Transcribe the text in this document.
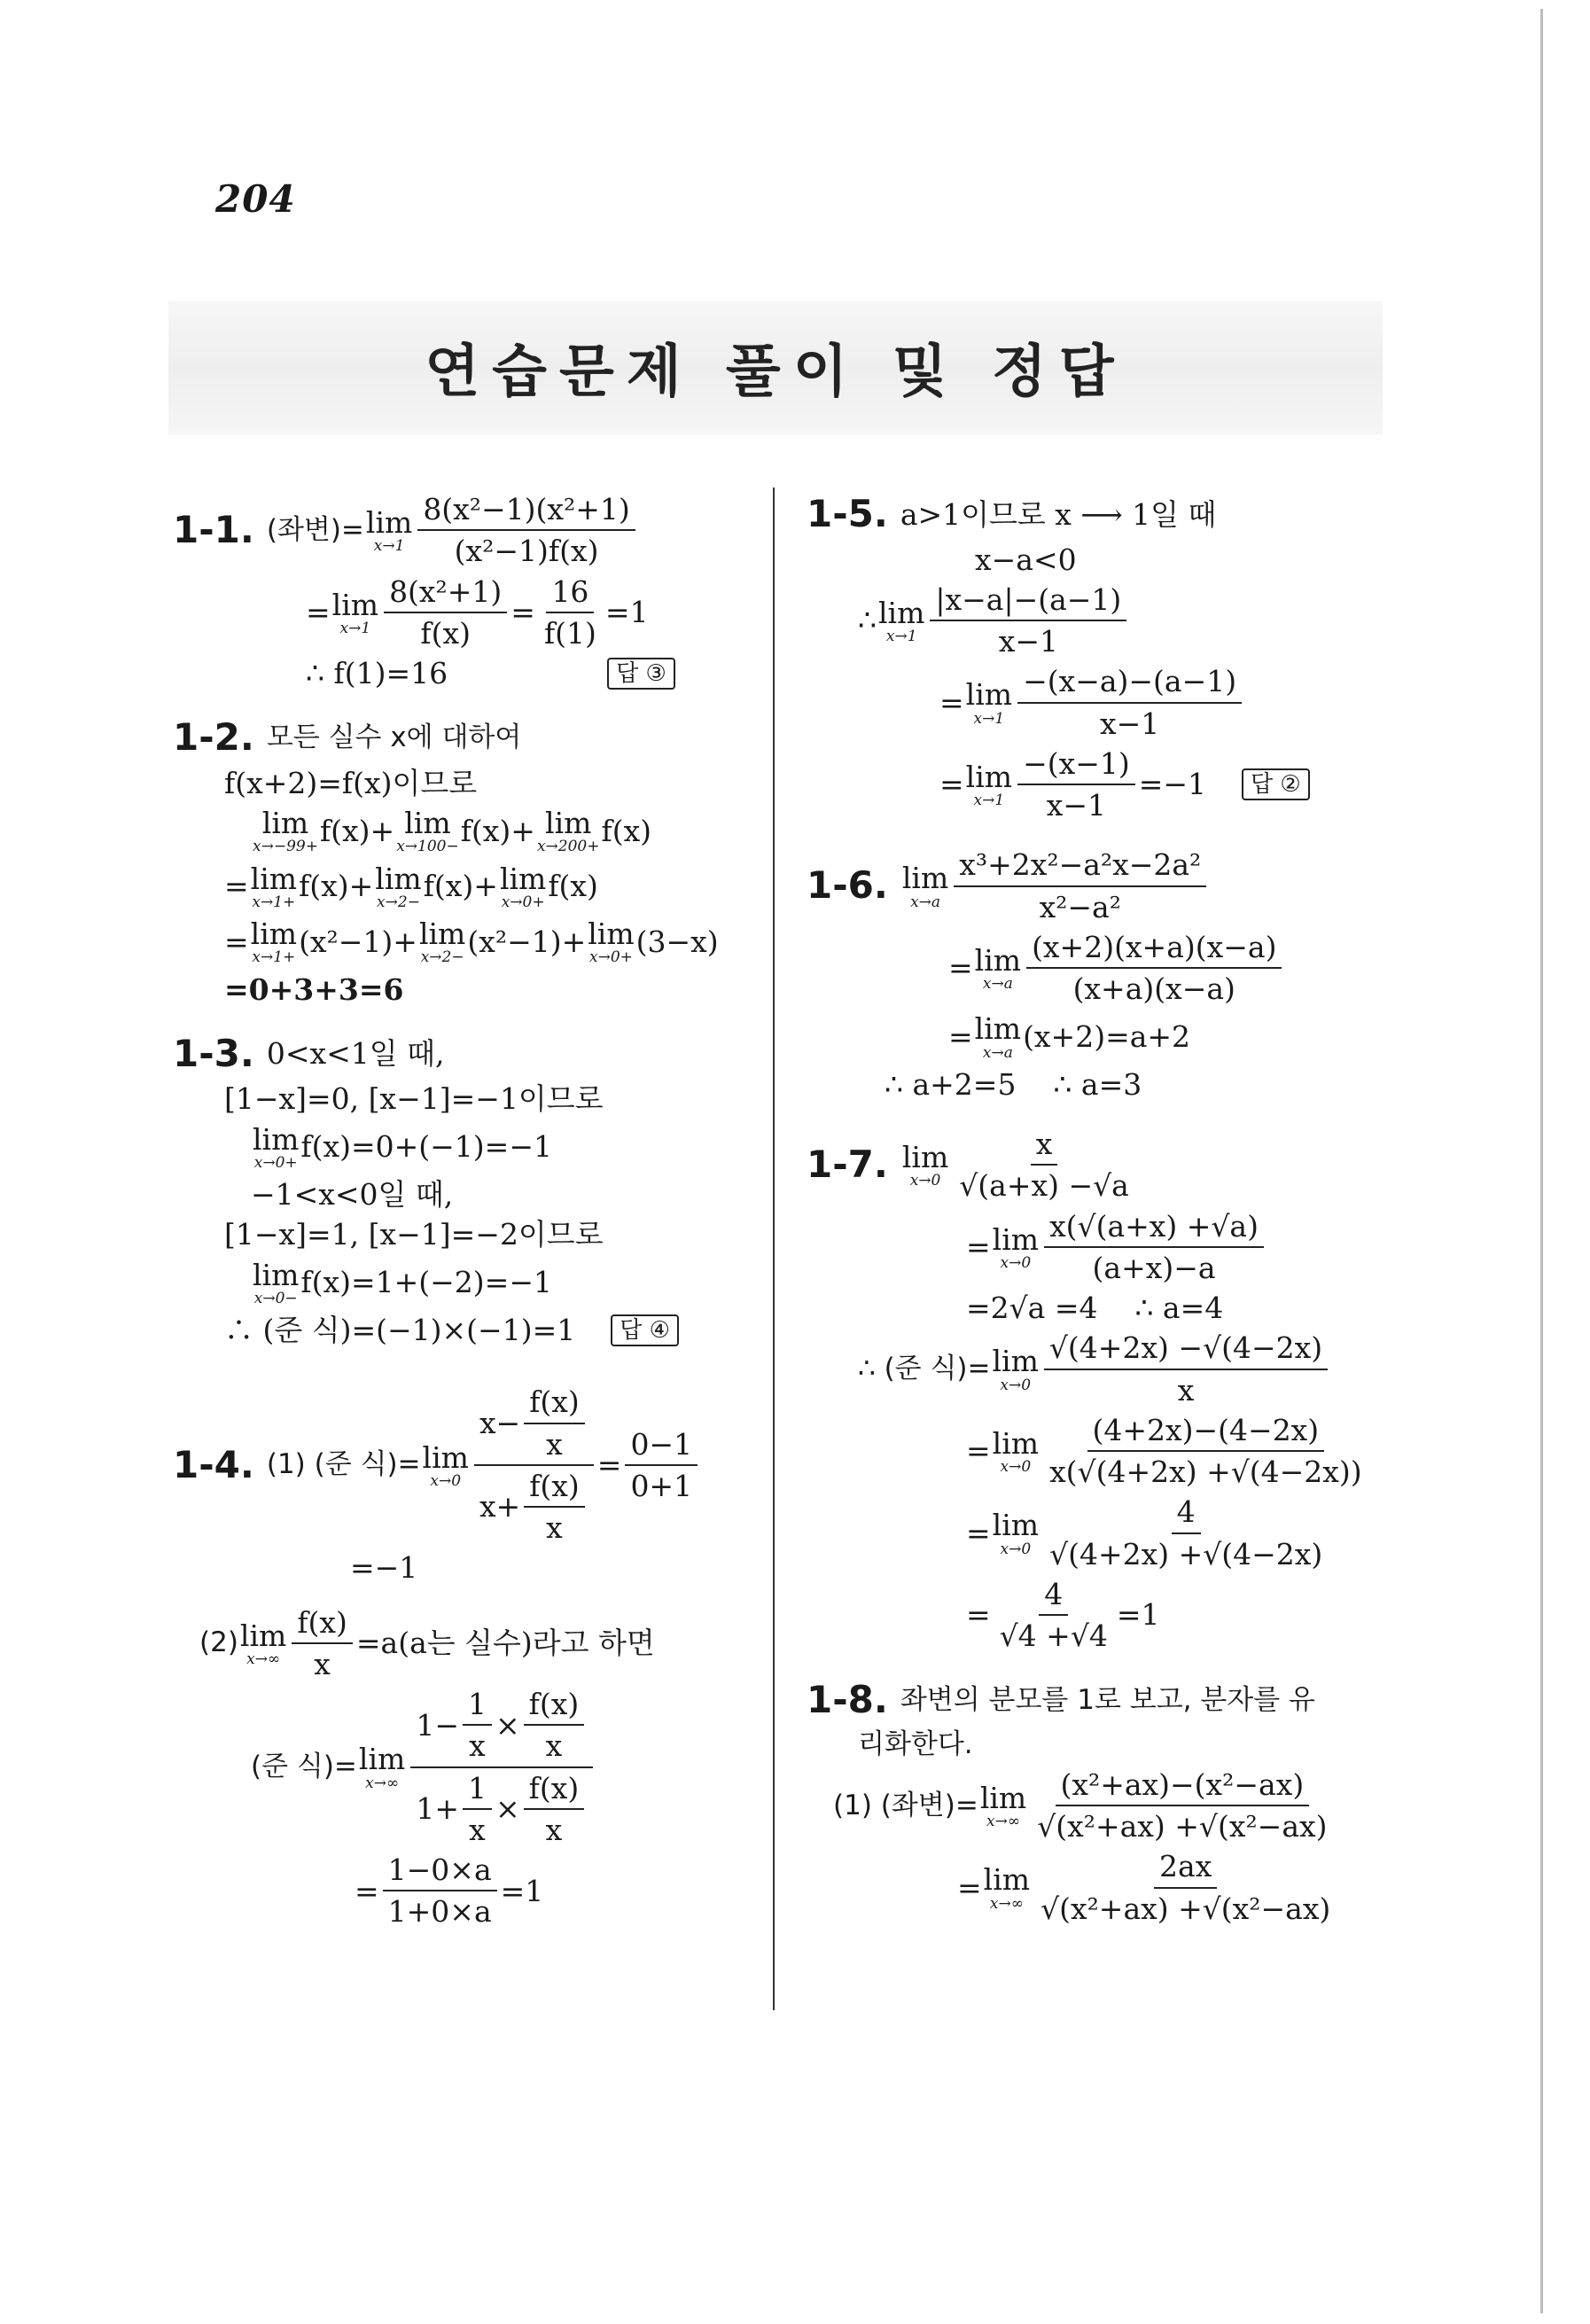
204
연습문제 풀이 및 정답
1-1. (좌변)= lim
$x\to 1 \frac{\text{8(x²−1)(x²+1)}}{\text{(x²−1)f(x)}}$
= lim
$x\to 1 \frac{\text{8(x²+1)}}{f(x)} = \frac{16}{f(1)} =1$
∴ f(1)=16	답 ③
1-2. 모든 실수 x에 대하여
f(x+2)=f(x)이므로
lim
x→−99+ f(x)+ lim
x→100− f(x)+ lim
x→200+ f(x)
= lim
x→1+ f(x)+ lim
x→2− f(x)+ lim
x→0+ f(x)
= lim
x→1+ (x²−1)+ lim
x→2− (x²−1)+ lim
x→0+ (3−x)
=0+3+3=6
1-3. 0<x<1일 때,
[1−x]=0, [x−1]=−1이므로
lim
x→0+ f(x)=0+(−1)=−1
−1<x<0일 때,
[1−x]=1, [x−1]=−2이므로
lim
x→0− f(x)=1+(−2)=−1
∴ (준 식)=(−1)×(−1)=1	답 ④
1-4. (1) (준 식)= lim
$x\to 0 \frac{x- \frac{f(x)}{x}}{x+ \frac{f(x)}{x}} = \frac{0-1}{0+1}$
=−1
(2) lim
$x\to\infty \frac{f(x)}{x} =a(a$는 실수)라고 하면
(준 식)= lim
$x\to\infty \frac{1- \frac{1}{x} \times \frac{f(x)}{x}}{1+ \frac{1}{x} \times \frac{f(x)}{x}}$
= $\frac{1-0\times a}{1+0\times a} =1$
1-5. a>1이므로 x ⟶ 1일 때
x−a<0
∴ lim
$x\to 1 \frac{|x-a|-(a-1)}{x-1}$
= lim
$x\to 1 \frac{-(x-a)-(a-1)}{x-1}$
= lim
$x\to 1 \frac{-(x-1)}{x-1} =-1$	답 ②
1-6. lim
$x\to a \frac{\text{x³+2x²−a²x−2a²}}{\text{x²−a²}}$
= lim
$x\to a \frac{(x+2)(x+a)(x-a)}{(x+a)(x-a)}$
= lim
x→a (x+2)=a+2
∴ a+2=5    ∴ a=3
1-7. lim
$x\to 0 \frac{x}{√(a+x) -√a}$
= lim
$x\to 0 \frac{x(√(a+x) +√a)}{(a+x)-a}$
=2√a =4    ∴ a=4
∴ (준 식)= lim
$x\to 0 \frac{√(4+2x) -√(4-2x)}{x}$
= lim
$x\to 0 \frac{(4+2x)-(4-2x)}{x(√(4+2x) +√(4-2x))}$
= lim
$x\to 0 \frac{4}{√(4+2x) +√(4-2x)}$
= $\frac{4}{√4 +√4} =1$
1-8. 좌변의 분모를 1로 보고, 분자를 유
리화한다.
(1) (좌변)= lim
$x\to\infty \frac{\text{(x²+ax)−(x²−ax)}}{\text{√(x²+ax) +√(x²−ax)}}$
= lim
$x\to\infty \frac{2ax}{\text{√(x²+ax) +√(x²−ax)}}$
